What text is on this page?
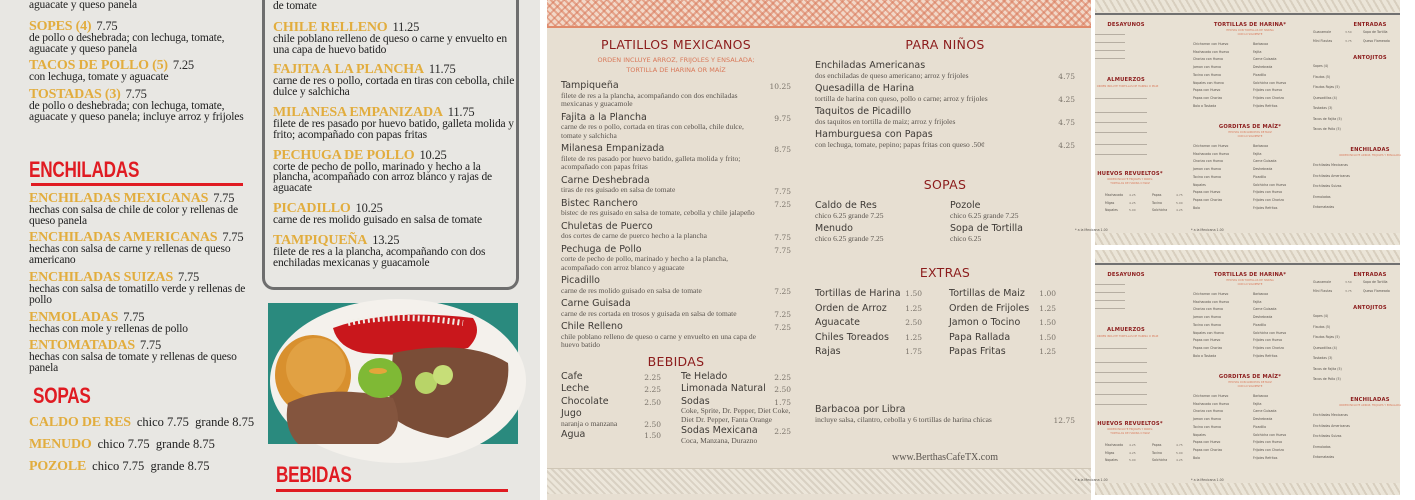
aguacate y queso panela
SOPES (4) 7.75
de pollo o deshebrada; con lechuga, tomate, aguacate y queso panela
TACOS DE POLLO (5) 7.25
con lechuga, tomate y aguacate
TOSTADAS (3) 7.75
de pollo o deshebrada; con lechuga, tomate, aguacate y queso panela; incluye arroz y frijoles
ENCHILADAS
ENCHILADAS MEXICANAS 7.75
hechas con salsa de chile de color y rellenas de queso panela
ENCHILADAS AMERICANAS 7.75
hechas con salsa de carne y rellenas de queso americano
ENCHILADAS SUIZAS 7.75
hechas con salsa de tomatillo verde y rellenas de pollo
ENMOLADAS 7.75
hechas con mole y rellenas de pollo
ENTOMATADAS 7.75
hechas con salsa de tomate y rellenas de queso panela
SOPAS
CALDO DE RES chico 7.75  grande 8.75
MENUDO chico 7.75  grande 8.75
POZOLE chico 7.75  grande 8.75
de tomate
CHILE RELLENO 11.25
chile poblano relleno de queso o carne y envuelto en una capa de huevo batido
FAJITA A LA PLANCHA 11.75
carne de res o pollo, cortada en tiras con cebolla, chile dulce y salchicha
MILANESA EMPANIZADA 11.75
filete de res pasado por huevo batido, galleta molida y frito; acompañado con papas fritas
PECHUGA DE POLLO 10.25
corte de pecho de pollo, marinado y hecho a la plancha, acompañado con arroz blanco y rajas de aguacate
PICADILLO 10.25
carne de res molido guisado en salsa de tomate
TAMPIQUEÑA 13.25
filete de res a la plancha, acompañando con dos enchiladas mexicanas y guacamole
BEBIDAS
PLATILLOS MEXICANOS
ORDEN INCLUYE ARROZ, FRIJOLES Y ENSALADA;
TORTILLA DE HARINA OR MAÍZ
Tampiqueña
filete de res a la plancha, acompañando con dos enchiladas mexicanas y guacamole
10.25
Fajita a la Plancha
carne de res o pollo, cortada en tiras con cebolla, chile dulce, tomate y salchicha
9.75
Milanesa Empanizada
filete de res pasado por huevo batido, galleta molida y frito; acompañado con papas fritas
8.75
Carne Deshebrada
tiras de res guisado en salsa de tomate	7.75
Bistec Ranchero
bistec de res guisado en salsa de tomate, cebolla y chile jalapeño
7.25
Chuletas de Puerco
dos cortes de carne de puerco hecho a la plancha	7.75
Pechuga de Pollo
corte de pecho de pollo, marinado y hecho a la plancha, acompañado con arroz blanco y aguacate
7.75
Picadillo
carne de res molido guisado en salsa de tomate	7.25
Carne Guisada
carne de res cortada en trosos y guisada en salsa de tomate	7.25
Chile Relleno
chile poblano relleno de queso o carne y envuelto en una capa de huevo batido
7.25
BEBIDAS
Cafe	2.25
Leche	2.25
Chocolate	2.50
Jugo
naranja o manzana	2.50
Agua	1.50
Te Helado	2.25
Limonada Natural	2.50
Sodas
Coke, Sprite, Dr. Pepper, Diet Coke, Diet Dr. Pepper, Fanta Orange
1.75
Sodas Mexicana
Coca, Manzana, Durazno
2.25
PARA NIÑOS
Enchiladas Americanas
dos enchiladas de queso americano; arroz y frijoles	4.75
Quesadilla de Harina
tortilla de harina con queso, pollo o carne; arroz y frijoles	4.25
Taquitos de Picadillo
dos taquitos en tortilla de maiz; arroz y frijoles	4.75
Hamburguesa con Papas
con lechuga, tomate, pepino; papas fritas con queso .50¢	4.25
SOPAS
Caldo de Res
chico 6.25 grande 7.25
Pozole
chico 6.25 grande 7.25
Menudo
chico 6.25 grande 7.25
Sopa de Tortilla
chico 6.25
EXTRAS
Tortillas de Harina 1.50	Tortillas de Maiz 1.00
Orden de Arroz 1.25	Orden de Frijoles 1.25
Aguacate	2.50	Jamon o Tocino	1.50
Chiles Toreados 1.25	Papa Rallada	1.50
Rajas	1.75	Papas Fritas	1.25
Barbacoa por Libra
incluye salsa, cilantro, cebolla y 6 tortillas de harina chicas	12.75
www.BerthasCafeTX.com
DESAYUNOS
ALMUERZOS
ORDEN INCLUYE TORTILLAS DE HARINA O MAIZ
HUEVOS REVUELTOS*
ORDEN INCLUYE FRIJOLES Y PAPAS;
TORTILLAS DE HARINA O MAIZ
Machacado 4.25	Papas	4.75
Migas	4.25	Tocino	5.00
Nopales	5.00	Salchicha	4.25
TORTILLAS DE HARINA*
HECHAS CON TORTILLAS DE HARINA
CON LO SIGUIENTE
Chicharron con Huevo
Machacado con Huevo
Chorizo con Huevo
Jamon con Huevo
Tocino con Huevo
Nopales con Huevo
Papas con Huevo
Papas con Chorizo
Bola a Tostada
Barbacoa
Fajita
Carne Guisada
Deshebrada
Picadillo
Salchicha con Huevo
Frijoles con Huevo
Frijoles con Chorizo
Frijoles Refritos
GORDITAS DE MAÍZ*
HECHAS CON GORDITAS DE MAIZ
CON LO SIGUIENTE
Chicharron con Huevo
Machacado con Huevo
Chorizo con Huevo
Jamon con Huevo
Tocino con Huevo
Nopales
Papas con Huevo
Papas con Chorizo
Bola
Barbacoa
Fajita
Carne Guisada
Deshebrada
Picadillo
Salchicha con Huevo
Frijoles con Huevo
Frijoles con Chorizo
Frijoles Refritos
* a la Mexicana 1.00
* a la Mexicana 1.00
ENTRADAS
Guacamole	3.50
Mini Flautas	3.75
Sopa de Tortilla
Queso Flameado
ANTOJITOS
Sopes (4)
Flautas (5)
Flautas Rojas (5)
Quesadillas (4)
Tostadas (3)
Tacos de Fajita (5)
Tacos de Pollo (5)
ENCHILADAS
ORDEN INCLUYE ARROZ, FRIJOLES Y ENSALADA
Enchiladas Mexicanas
Enchiladas Americanas
Enchiladas Suizas
Enmoladas
Entomatadas
DESAYUNOS
ALMUERZOS
ORDEN INCLUYE TORTILLAS DE HARINA O MAIZ
HUEVOS REVUELTOS*
ORDEN INCLUYE FRIJOLES Y PAPAS;
TORTILLAS DE HARINA O MAIZ
Machacado 4.25	Papas	4.75
Migas	4.25	Tocino	5.00
Nopales	5.00	Salchicha	4.25
TORTILLAS DE HARINA*
HECHAS CON TORTILLAS DE HARINA
CON LO SIGUIENTE
Chicharron con Huevo
Machacado con Huevo
Chorizo con Huevo
Jamon con Huevo
Tocino con Huevo
Nopales con Huevo
Papas con Huevo
Papas con Chorizo
Bola a Tostada
Barbacoa
Fajita
Carne Guisada
Deshebrada
Picadillo
Salchicha con Huevo
Frijoles con Huevo
Frijoles con Chorizo
Frijoles Refritos
GORDITAS DE MAÍZ*
HECHAS CON GORDITAS DE MAIZ
CON LO SIGUIENTE
Chicharron con Huevo
Machacado con Huevo
Chorizo con Huevo
Jamon con Huevo
Tocino con Huevo
Nopales
Papas con Huevo
Papas con Chorizo
Bola
Barbacoa
Fajita
Carne Guisada
Deshebrada
Picadillo
Salchicha con Huevo
Frijoles con Huevo
Frijoles con Chorizo
Frijoles Refritos
* a la Mexicana 1.00
* a la Mexicana 1.00
ENTRADAS
Guacamole	3.50
Mini Flautas	3.75
Sopa de Tortilla
Queso Flameado
ANTOJITOS
Sopes (4)
Flautas (5)
Flautas Rojas (5)
Quesadillas (4)
Tostadas (3)
Tacos de Fajita (5)
Tacos de Pollo (5)
ENCHILADAS
ORDEN INCLUYE ARROZ, FRIJOLES Y ENSALADA
Enchiladas Mexicanas
Enchiladas Americanas
Enchiladas Suizas
Enmoladas
Entomatadas
